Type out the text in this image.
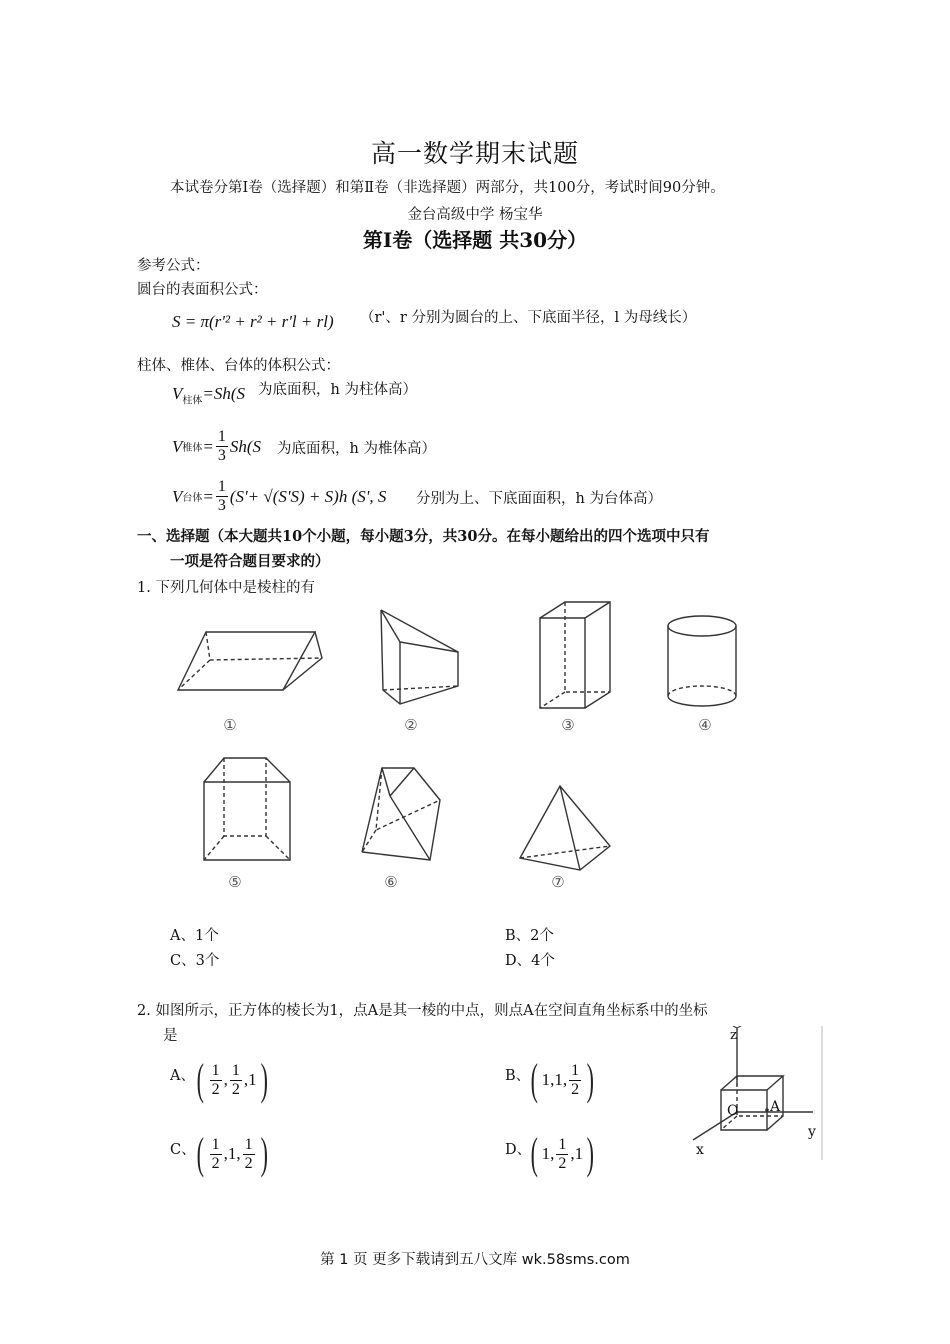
高一数学期末试题
本试卷分第Ⅰ卷（选择题）和第Ⅱ卷（非选择题）两部分，共100分，考试时间90分钟。
金台高级中学 杨宝华
第Ⅰ卷（选择题 共30分）
参考公式：
圆台的表面积公式：
S = π(r'² + r² + r'l + rl) （r'、r 分别为圆台的上、下底面半径，l 为母线长）
柱体、椎体、台体的体积公式：
$V_{柱体}=Sh(S$ 为底面积，h 为柱体高）
V 椎体 = $\frac{1}{3} Sh(S$ 为底面积，h 为椎体高）
V 台体 = $\frac{1}{3} (S'+ √(S'S) + S)h$ (S', S 分别为上、下底面面积，h 为台体高）
一、选择题（本大题共10个小题，每小题3分，共30分。在每小题给出的四个选项中只有
一项是符合题目要求的）
1. 下列几何体中是棱柱的有
①	②	③	④
⑤	⑥	⑦
A、1个	B、2个
C、3个	D、4个
2. 如图所示，正方体的棱长为1，点A是其一棱的中点，则点A在空间直角坐标系中的坐标
是
A、 ( $\frac{1}{2}$ , $\frac{1}{2} ,1$ )	B、 ( 1,1, $\frac{1}{2}$ )
C、 ( $\frac{1}{2} ,1$, $\frac{1}{2}$ )	D、 ( 1, $\frac{1}{2} ,1$ )
z
y
x
O A
第 1 页 更多下载请到五八文库 wk.58sms.com
